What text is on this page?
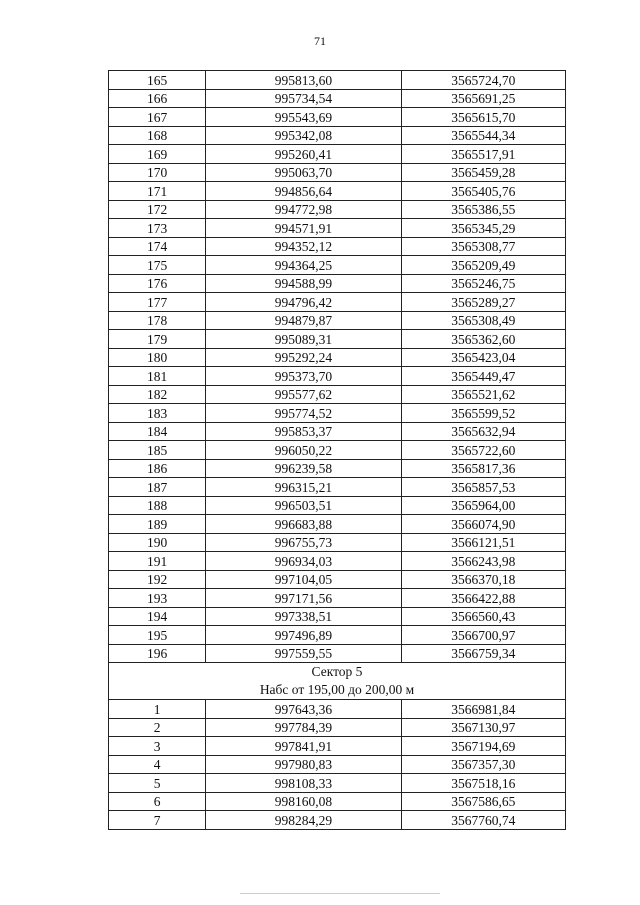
71
165	995813,60	3565724,70
166	995734,54	3565691,25
167	995543,69	3565615,70
168	995342,08	3565544,34
169	995260,41	3565517,91
170	995063,70	3565459,28
171	994856,64	3565405,76
172	994772,98	3565386,55
173	994571,91	3565345,29
174	994352,12	3565308,77
175	994364,25	3565209,49
176	994588,99	3565246,75
177	994796,42	3565289,27
178	994879,87	3565308,49
179	995089,31	3565362,60
180	995292,24	3565423,04
181	995373,70	3565449,47
182	995577,62	3565521,62
183	995774,52	3565599,52
184	995853,37	3565632,94
185	996050,22	3565722,60
186	996239,58	3565817,36
187	996315,21	3565857,53
188	996503,51	3565964,00
189	996683,88	3566074,90
190	996755,73	3566121,51
191	996934,03	3566243,98
192	997104,05	3566370,18
193	997171,56	3566422,88
194	997338,51	3566560,43
195	997496,89	3566700,97
196	997559,55	3566759,34

Сектор 5
Набс от 195,00 до 200,00 м		

1	997643,36	3566981,84
2	997784,39	3567130,97
3	997841,91	3567194,69
4	997980,83	3567357,30
5	998108,33	3567518,16
6	998160,08	3567586,65
7	998284,29	3567760,74
